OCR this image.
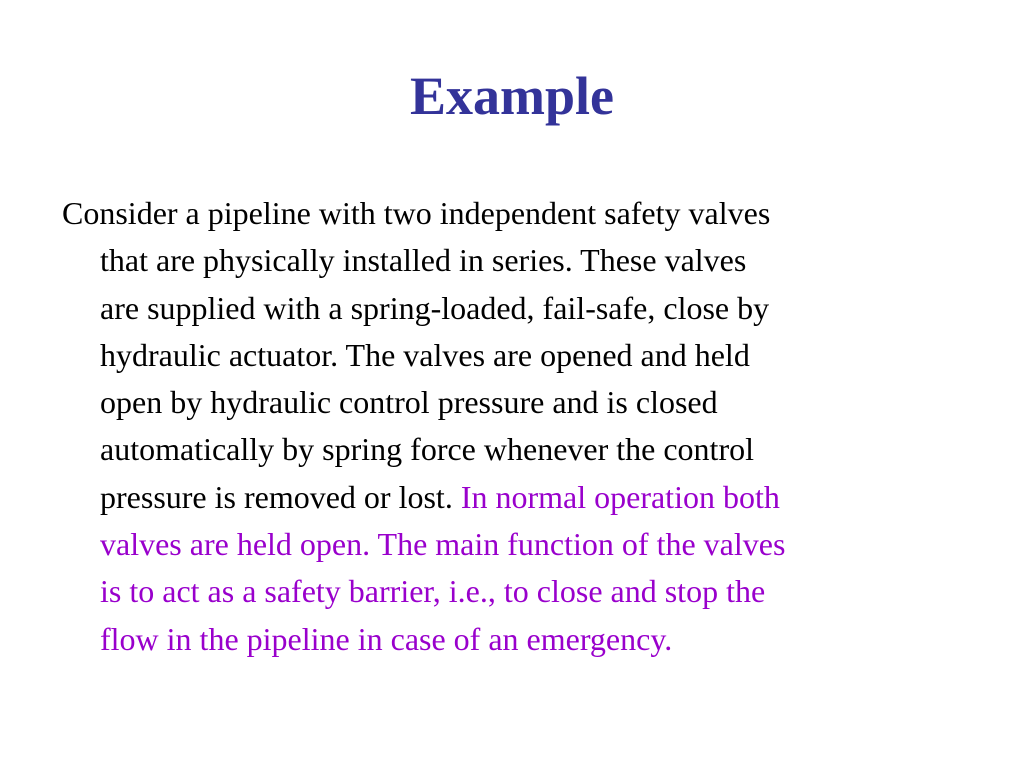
Example

Consider a pipeline with two independent safety valves
that are physically installed in series. These valves
are supplied with a spring-loaded, fail-safe, close by
hydraulic actuator. The valves are opened and held
open by hydraulic control pressure and is closed
automatically by spring force whenever the control
pressure is removed or lost. In normal operation both
valves are held open. The main function of the valves
is to act as a safety barrier, i.e., to close and stop the
flow in the pipeline in case of an emergency.
